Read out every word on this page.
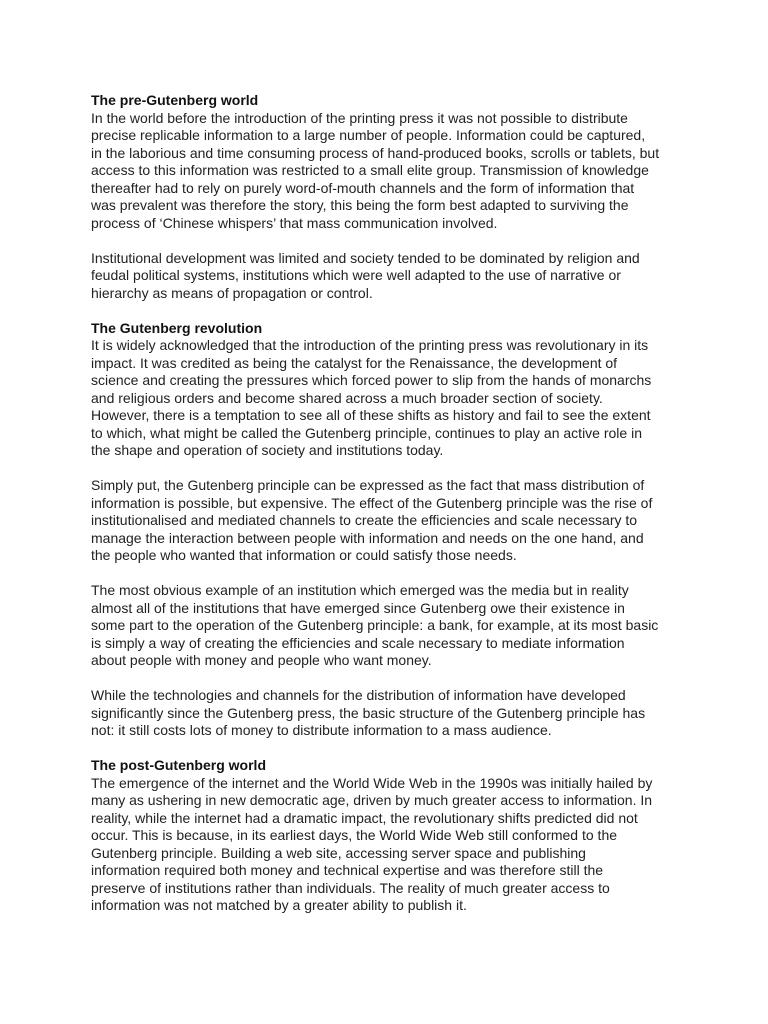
The pre-Gutenberg world

In the world before the introduction of the printing press it was not possible to distribute
precise replicable information to a large number of people. Information could be captured,
in the laborious and time consuming process of hand-produced books, scrolls or tablets, but
access to this information was restricted to a small elite group. Transmission of knowledge
thereafter had to rely on purely word-of-mouth channels and the form of information that
was prevalent was therefore the story, this being the form best adapted to surviving the
process of ‘Chinese whispers’ that mass communication involved.

Institutional development was limited and society tended to be dominated by religion and
feudal political systems, institutions which were well adapted to the use of narrative or
hierarchy as means of propagation or control.

The Gutenberg revolution

It is widely acknowledged that the introduction of the printing press was revolutionary in its
impact. It was credited as being the catalyst for the Renaissance, the development of
science and creating the pressures which forced power to slip from the hands of monarchs
and religious orders and become shared across a much broader section of society.
However, there is a temptation to see all of these shifts as history and fail to see the extent
to which, what might be called the Gutenberg principle, continues to play an active role in
the shape and operation of society and institutions today.

Simply put, the Gutenberg principle can be expressed as the fact that mass distribution of
information is possible, but expensive. The effect of the Gutenberg principle was the rise of
institutionalised and mediated channels to create the efficiencies and scale necessary to
manage the interaction between people with information and needs on the one hand, and
the people who wanted that information or could satisfy those needs.

The most obvious example of an institution which emerged was the media but in reality
almost all of the institutions that have emerged since Gutenberg owe their existence in
some part to the operation of the Gutenberg principle: a bank, for example, at its most basic
is simply a way of creating the efficiencies and scale necessary to mediate information
about people with money and people who want money.

While the technologies and channels for the distribution of information have developed
significantly since the Gutenberg press, the basic structure of the Gutenberg principle has
not: it still costs lots of money to distribute information to a mass audience.

The post-Gutenberg world

The emergence of the internet and the World Wide Web in the 1990s was initially hailed by
many as ushering in new democratic age, driven by much greater access to information. In
reality, while the internet had a dramatic impact, the revolutionary shifts predicted did not
occur. This is because, in its earliest days, the World Wide Web still conformed to the
Gutenberg principle. Building a web site, accessing server space and publishing
information required both money and technical expertise and was therefore still the
preserve of institutions rather than individuals. The reality of much greater access to
information was not matched by a greater ability to publish it.
